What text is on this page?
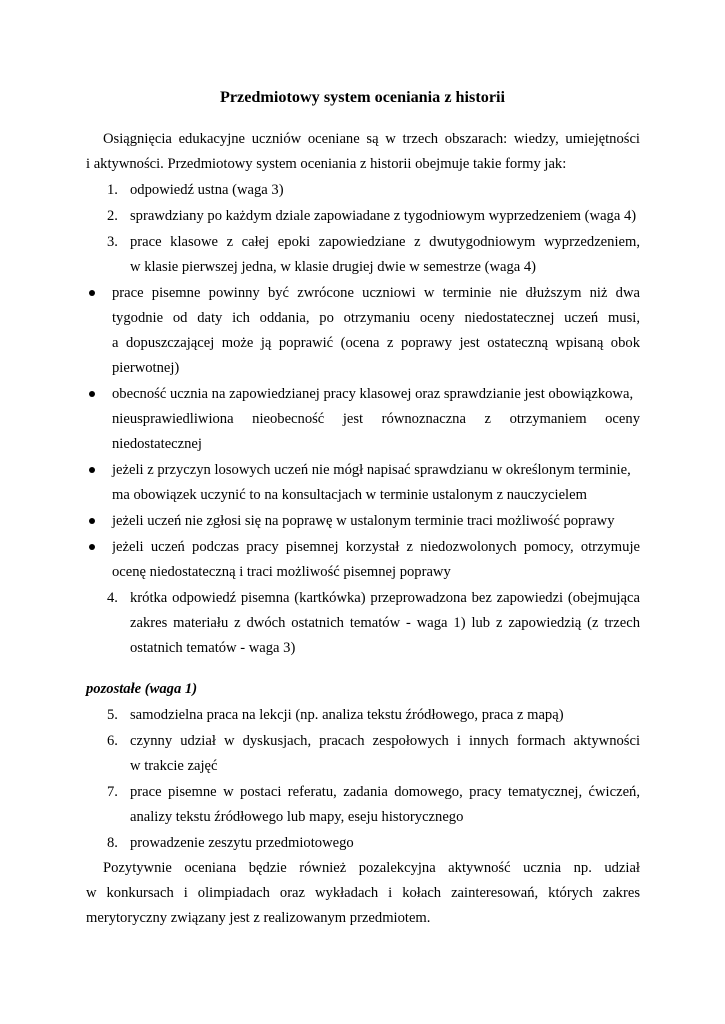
Przedmiotowy system oceniania z historii
Osiągnięcia edukacyjne uczniów oceniane są w trzech obszarach: wiedzy, umiejętności
i aktywności. Przedmiotowy system oceniania z historii obejmuje takie formy jak:
1. odpowiedź ustna (waga 3)
2. sprawdziany po każdym dziale zapowiadane z tygodniowym wyprzedzeniem (waga 4)
3. prace klasowe z całej epoki zapowiedziane z dwutygodniowym wyprzedzeniem,
w klasie pierwszej jedna, w klasie drugiej dwie w semestrze (waga 4)
prace pisemne powinny być zwrócone uczniowi w terminie nie dłuższym niż dwa
tygodnie od daty ich oddania, po otrzymaniu oceny niedostatecznej uczeń musi,
a dopuszczającej może ją poprawić (ocena z poprawy jest ostateczną wpisaną obok
pierwotnej)
obecność ucznia na zapowiedzianej pracy klasowej oraz sprawdzianie jest obowiązkowa,
nieusprawiedliwiona nieobecność jest równoznaczna z otrzymaniem oceny
niedostatecznej
jeżeli z przyczyn losowych uczeń nie mógł napisać sprawdzianu w określonym terminie,
ma obowiązek uczynić to na konsultacjach w terminie ustalonym z nauczycielem
jeżeli uczeń nie zgłosi się na poprawę w ustalonym terminie traci możliwość poprawy
jeżeli uczeń podczas pracy pisemnej korzystał z niedozwolonych pomocy, otrzymuje
ocenę niedostateczną i traci możliwość pisemnej poprawy
4. krótka odpowiedź pisemna (kartkówka) przeprowadzona bez zapowiedzi (obejmująca
zakres materiału z dwóch ostatnich tematów - waga 1) lub z zapowiedzią (z trzech
ostatnich tematów - waga 3)
pozostałe (waga 1)
5. samodzielna praca na lekcji (np. analiza tekstu źródłowego, praca z mapą)
6. czynny udział w dyskusjach, pracach zespołowych i innych formach aktywności
w trakcie zajęć
7. prace pisemne w postaci referatu, zadania domowego, pracy tematycznej, ćwiczeń,
analizy tekstu źródłowego lub mapy, eseju historycznego
8. prowadzenie zeszytu przedmiotowego
Pozytywnie oceniana będzie również pozalekcyjna aktywność ucznia np. udział
w konkursach i olimpiadach oraz wykładach i kołach zainteresowań, których zakres
merytoryczny związany jest z realizowanym przedmiotem.
